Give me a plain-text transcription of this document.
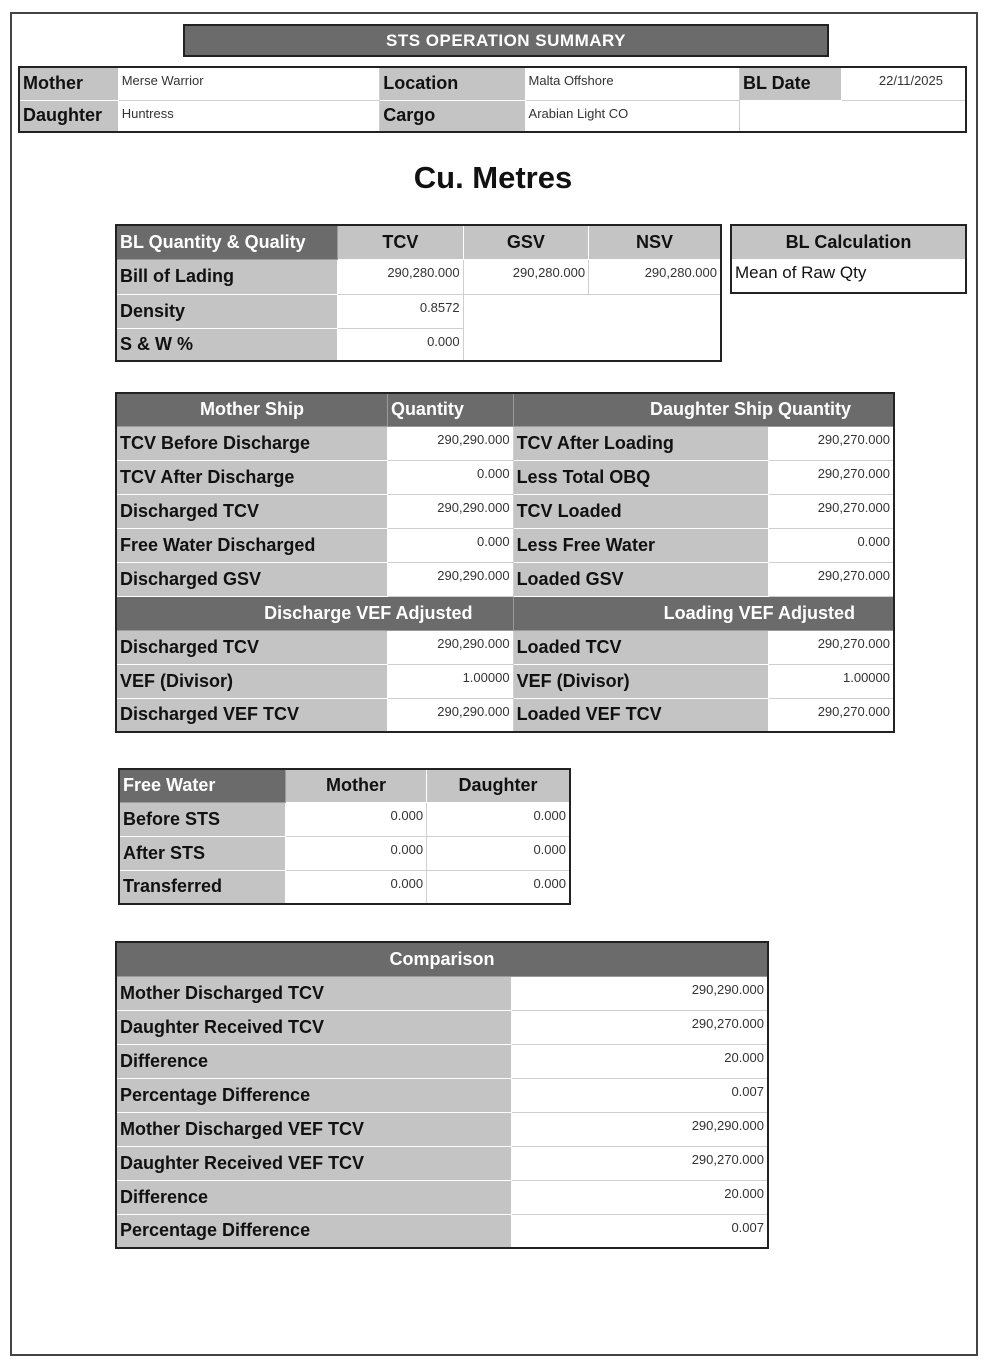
STS OPERATION SUMMARY
Mother	Merse Warrior	Location	Malta Offshore	BL Date	22/11/2025
Daughter	Huntress	Cargo	Arabian Light CO		
Cu. Metres
BL Quantity & Quality	TCV	GSV	NSV
Bill of Lading	290,280.000	290,280.000	290,280.000
Density	0.8572		
S & W %	0.000		
BL Calculation
Mean of Raw Qty
Mother Ship	Quantity	Daughter Ship Quantity	
TCV Before Discharge	290,290.000	TCV After Loading	290,270.000
TCV After Discharge	0.000	Less Total OBQ	290,270.000
Discharged TCV	290,290.000	TCV Loaded	290,270.000
Free Water Discharged	0.000	Less Free Water	0.000
Discharged GSV	290,290.000	Loaded GSV	290,270.000
Discharge VEF Adjusted		Loading VEF Adjusted	
Discharged TCV	290,290.000	Loaded TCV	290,270.000
VEF (Divisor)	1.00000	VEF (Divisor)	1.00000
Discharged VEF TCV	290,290.000	Loaded VEF TCV	290,270.000
Free Water	Mother	Daughter
Before STS	0.000	0.000
After STS	0.000	0.000
Transferred	0.000	0.000
Comparison	
Mother Discharged TCV	290,290.000
Daughter Received TCV	290,270.000
Difference	20.000
Percentage Difference	0.007
Mother Discharged VEF TCV	290,290.000
Daughter Received VEF TCV	290,270.000
Difference	20.000
Percentage Difference	0.007
